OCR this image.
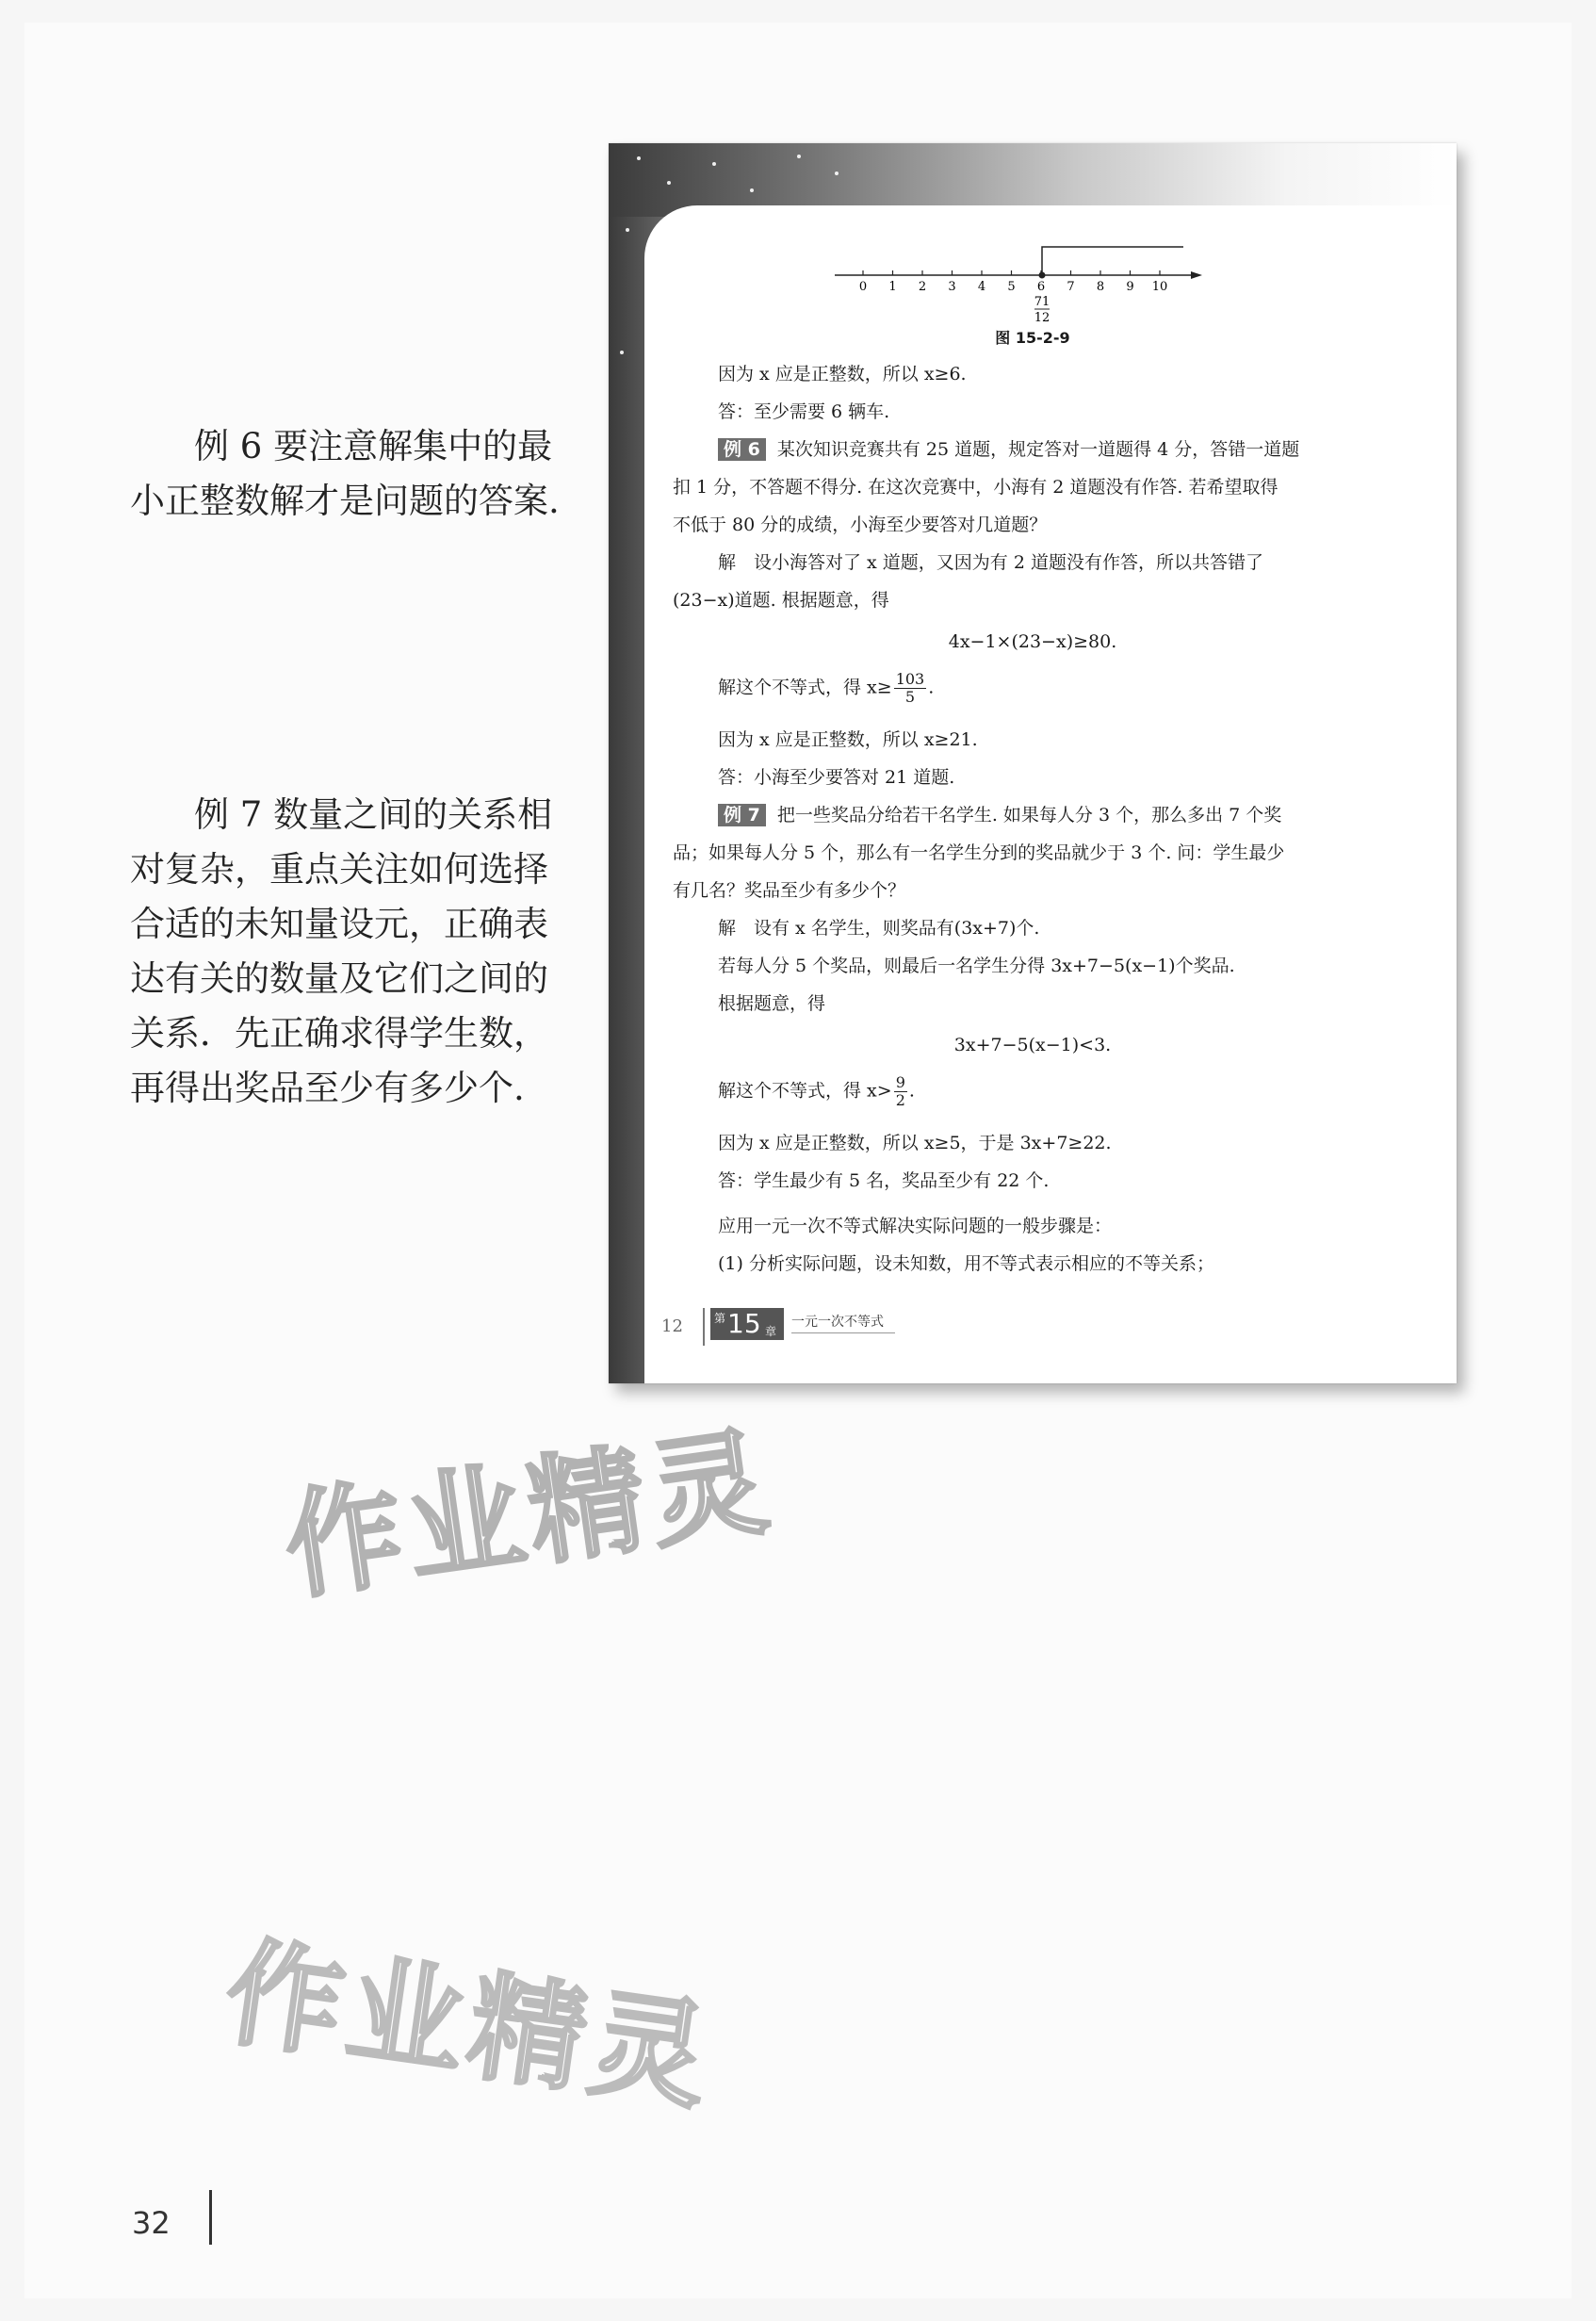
例 6 要注意解集中的最小正整数解才是问题的答案.

例 7 数量之间的关系相对复杂，重点关注如何选择合适的未知量设元，正确表达有关的数量及它们之间的关系．先正确求得学生数，再得出奖品至少有多少个.

0 1 2 3 4 5 6 7 8 9 10
71
12
图 15-2-9
因为 x 应是正整数，所以 x≥6.
答：至少需要 6 辆车.
例 6 某次知识竞赛共有 25 道题，规定答对一道题得 4 分，答错一道题
扣 1 分，不答题不得分. 在这次竞赛中，小海有 2 道题没有作答. 若希望取得
不低于 80 分的成绩，小海至少要答对几道题？
解　设小海答对了 x 道题，又因为有 2 道题没有作答，所以共答错了
(23−x)道题. 根据题意，得
4x−1×(23−x)≥80.
解这个不等式，得 $x\ge \frac{103}{5}$ .
因为 x 应是正整数，所以 x≥21.
答：小海至少要答对 21 道题.
例 7 把一些奖品分给若干名学生. 如果每人分 3 个，那么多出 7 个奖
品；如果每人分 5 个，那么有一名学生分到的奖品就少于 3 个. 问：学生最少
有几名？奖品至少有多少个？
解　设有 x 名学生，则奖品有(3x+7)个.
若每人分 5 个奖品，则最后一名学生分得 3x+7−5(x−1)个奖品.
根据题意，得
3x+7−5(x−1)<3.
解这个不等式，得 $x> \frac{9}{2}$ .
因为 x 应是正整数，所以 x≥5，于是 3x+7≥22.
答：学生最少有 5 名，奖品至少有 22 个.
应用一元一次不等式解决实际问题的一般步骤是：
(1) 分析实际问题，设未知数，用不等式表示相应的不等关系；
12	第 15 章
一元一次不等式
作业精灵
作业精灵
32
